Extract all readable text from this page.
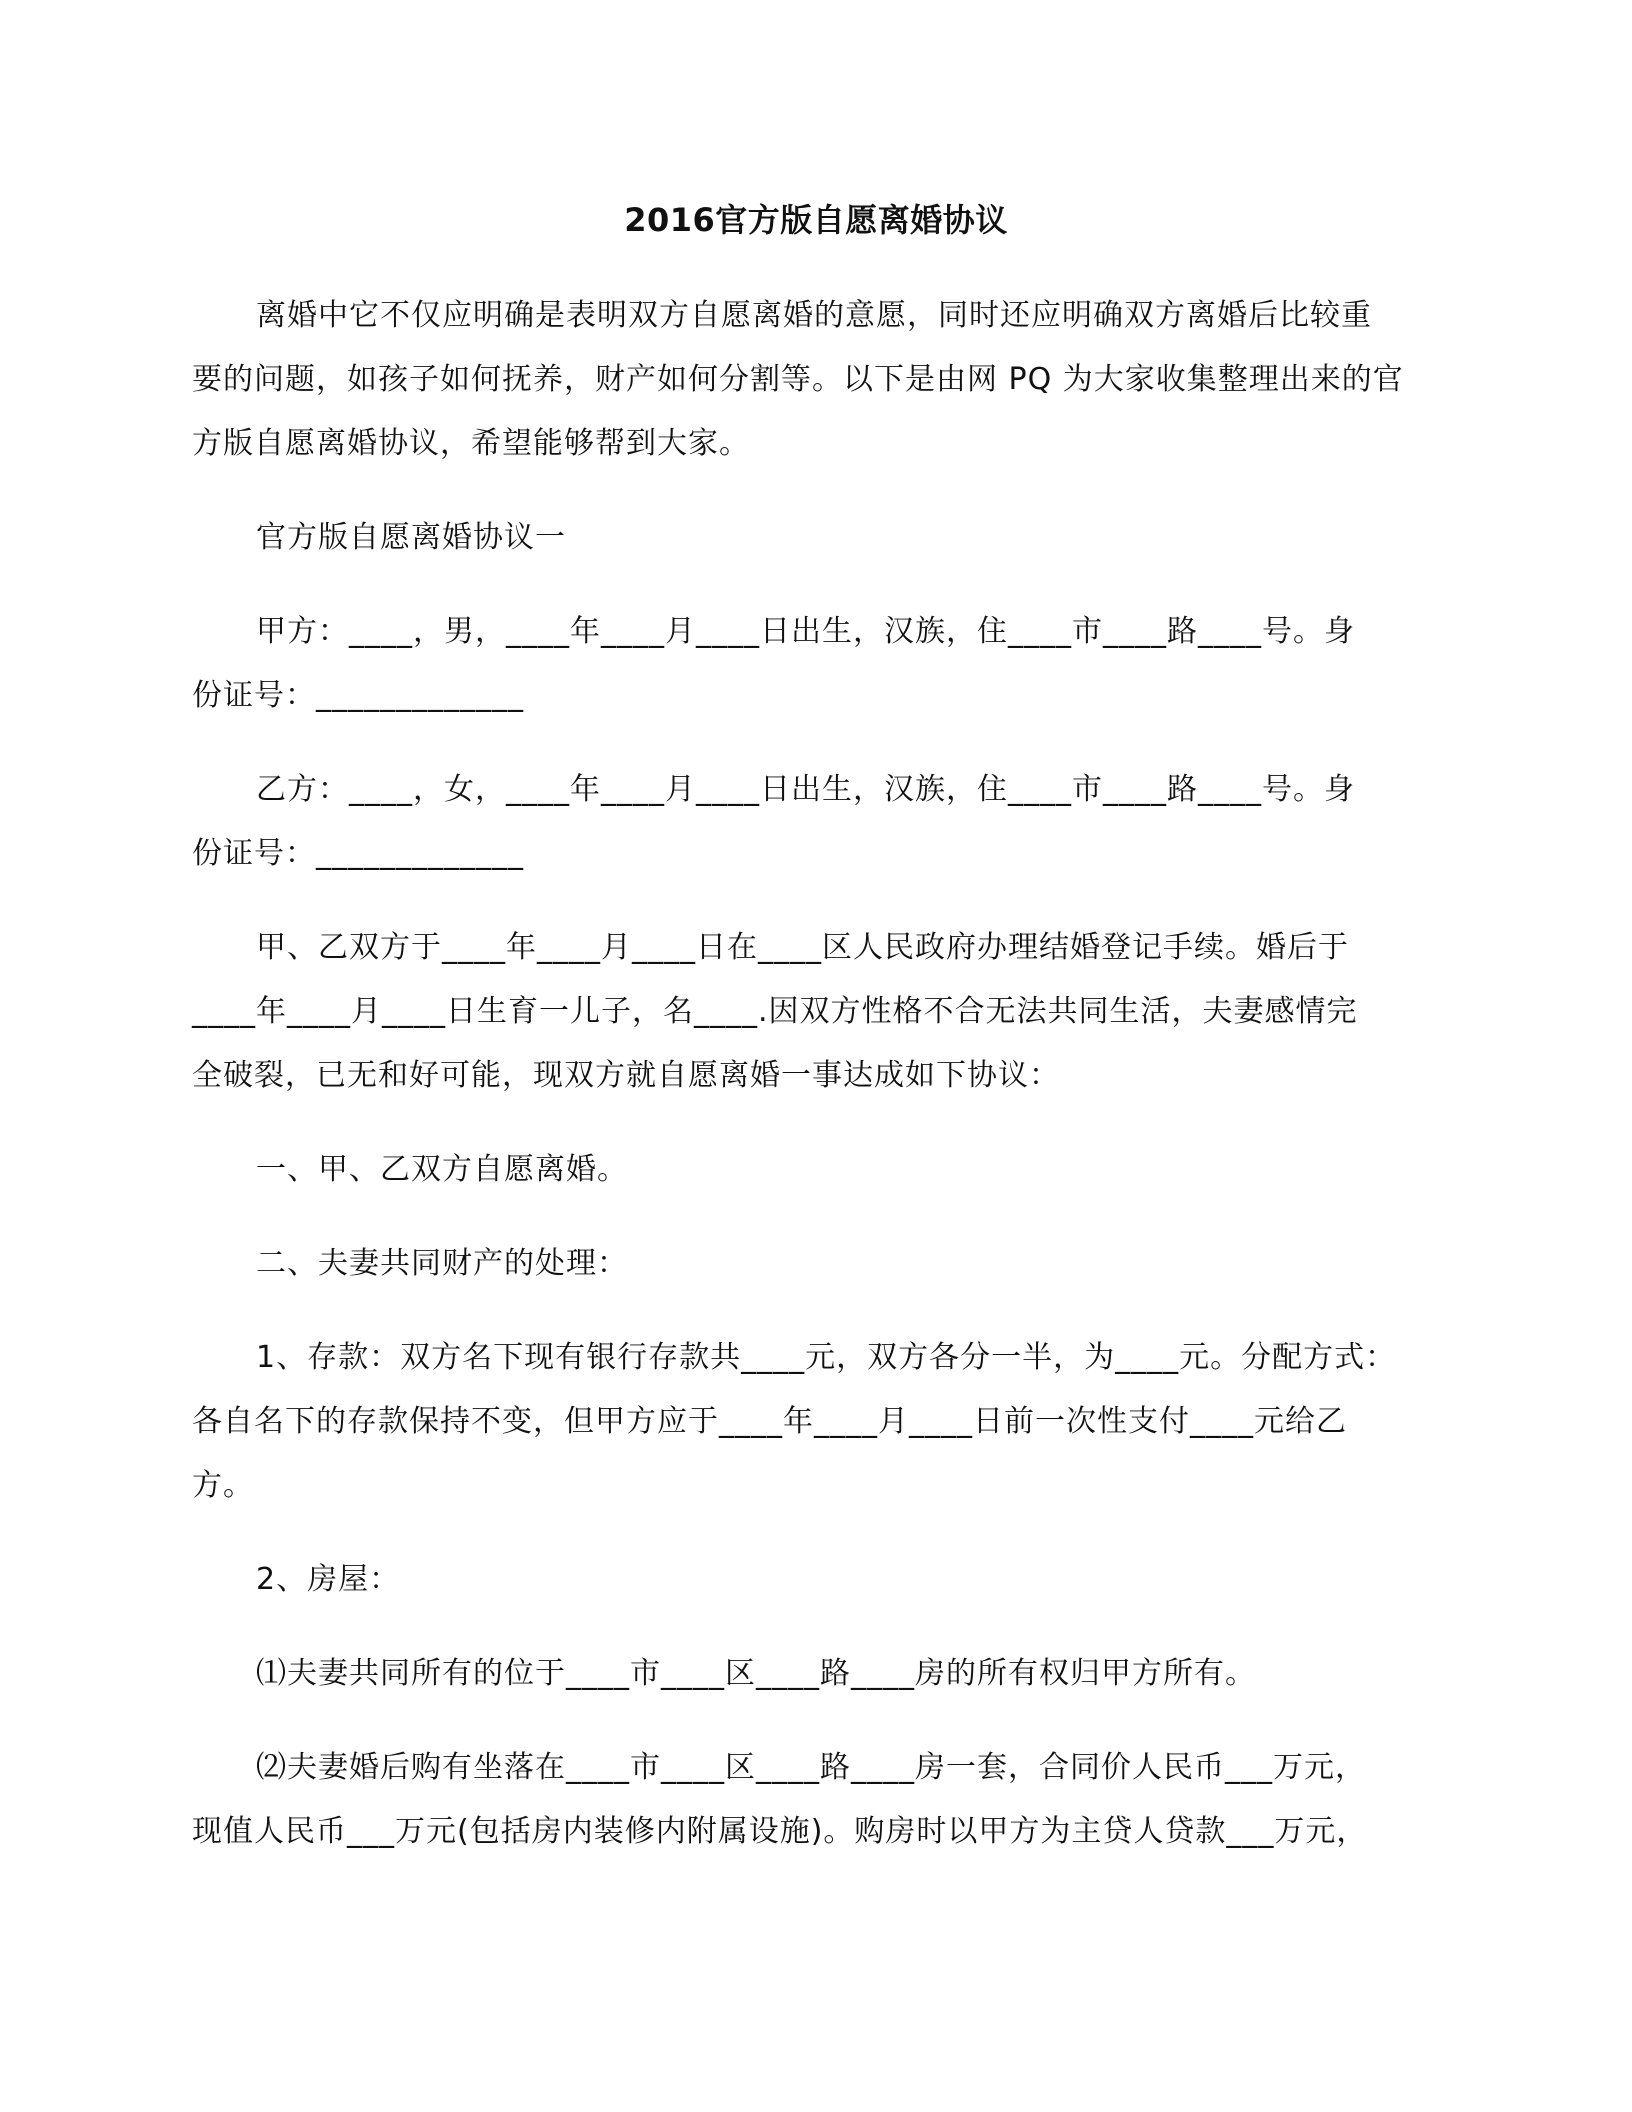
2016官方版自愿离婚协议
离婚中它不仅应明确是表明双方自愿离婚的意愿，同时还应明确双方离婚后比较重
要的问题，如孩子如何抚养，财产如何分割等。以下是由网 PQ 为大家收集整理出来的官
方版自愿离婚协议，希望能够帮到大家。
官方版自愿离婚协议一
甲方：____，男，____年____月____日出生，汉族，住____市____路____号。身
份证号：_____________
乙方：____，女，____年____月____日出生，汉族，住____市____路____号。身
份证号：_____________
甲、乙双方于____年____月____日在____区人民政府办理结婚登记手续。婚后于
____年____月____日生育一儿子，名____.因双方性格不合无法共同生活，夫妻感情完
全破裂，已无和好可能，现双方就自愿离婚一事达成如下协议：
一、甲、乙双方自愿离婚。
二、夫妻共同财产的处理：
1、存款：双方名下现有银行存款共____元，双方各分一半，为____元。分配方式：
各自名下的存款保持不变，但甲方应于____年____月____日前一次性支付____元给乙
方。
2、房屋：
⑴夫妻共同所有的位于____市____区____路____房的所有权归甲方所有。
⑵夫妻婚后购有坐落在____市____区____路____房一套，合同价人民币___万元，
现值人民币___万元(包括房内装修内附属设施)。购房时以甲方为主贷人贷款___万元，
